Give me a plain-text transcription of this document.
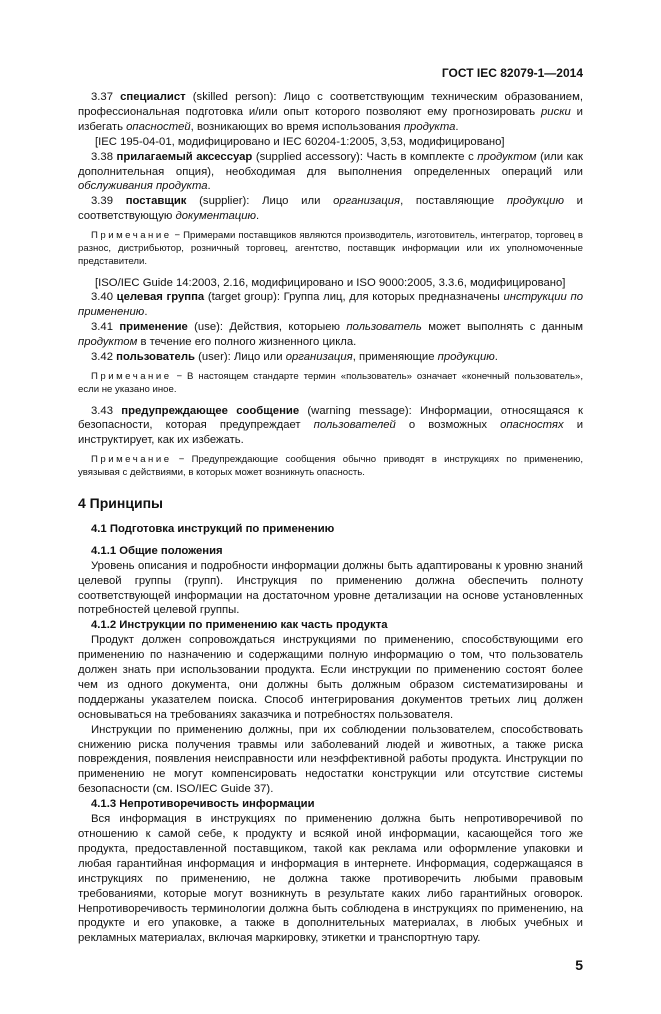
ГОСТ IEC 82079-1—2014

3.37 специалист (skilled person): Лицо с соответствующим техническим образованием, профессиональная подготовка и/или опыт которого позволяют ему прогнозировать риски и избегать опасностей, возникающих во время использования продукта.

[IEC 195-04-01, модифицировано и IEC 60204-1:2005, 3,53, модифицировано]

3.38 прилагаемый аксессуар (supplied accessory): Часть в комплекте с продуктом (или как дополнительная опция), необходимая для выполнения определенных операций или обслуживания продукта.

3.39 поставщик (supplier): Лицо или организация, поставляющие продукцию и соответствующую документацию.

Примечание − Примерами поставщиков являются производитель, изготовитель, интегратор, торговец в разнос, дистрибьютор, розничный торговец, агентство, поставщик информации или их уполномоченные представители.

[ISO/IEC Guide 14:2003, 2.16, модифицировано и ISO 9000:2005, 3.3.6, модифицировано]

3.40 целевая группа (target group): Группа лиц, для которых предназначены инструкции по применению.

3.41 применение (use): Действия, которыею пользователь может выполнять с данным продуктом в течение его полного жизненного цикла.

3.42 пользователь (user): Лицо или организация, применяющие продукцию.

Примечание − В настоящем стандарте термин «пользователь» означает «конечный пользователь», если не указано иное.

3.43 предупреждающее сообщение (warning message): Информации, относящаяся к безопасности, которая предупреждает пользователей о возможных опасностях и инструктирует, как их избежать.

Примечание − Предупреждающие сообщения обычно приводят в инструкциях по применению, увязывая с действиями, в которых может возникнуть опасность.

4 Принципы

4.1 Подготовка инструкций по применению

4.1.1 Общие положения

Уровень описания и подробности информации должны быть адаптированы к уровню знаний целевой группы (групп). Инструкция по применению должна обеспечить полноту соответствующей информации на достаточном уровне детализации на основе установленных потребностей целевой группы.

4.1.2 Инструкции по применению как часть продукта

Продукт должен сопровождаться инструкциями по применению, способствующими его применению по назначению и содержащими полную информацию о том, что пользователь должен знать при использовании продукта. Если инструкции по применению состоят более чем из одного документа, они должны быть должным образом систематизированы и поддержаны указателем поиска. Способ интегрирования документов третьих лиц должен основываться на требованиях заказчика и потребностях пользователя.

Инструкции по применению должны, при их соблюдении пользователем, способствовать снижению риска получения травмы или заболеваний людей и животных, а также риска повреждения, появления неисправности или неэффективной работы продукта. Инструкции по применению не могут компенсировать недостатки конструкции или отсутствие системы безопасности (см. ISO/IEC Guide 37).

4.1.3 Непротиворечивость информации

Вся информация в инструкциях по применению должна быть непротиворечивой по отношению к самой себе, к продукту и всякой иной информации, касающейся того же продукта, предоставленной поставщиком, такой как реклама или оформление упаковки и любая гарантийная информация и информация в интернете. Информация, содержащаяся в инструкциях по применению, не должна также противоречить любыми правовым требованиями, которые могут возникнуть в результате каких либо гарантийных оговорок. Непротиворечивость терминологии должна быть соблюдена в инструкциях по применению, на продукте и его упаковке, а также в дополнительных материалах, в любых учебных и рекламных материалах, включая маркировку, этикетки и транспортную тару.

5
